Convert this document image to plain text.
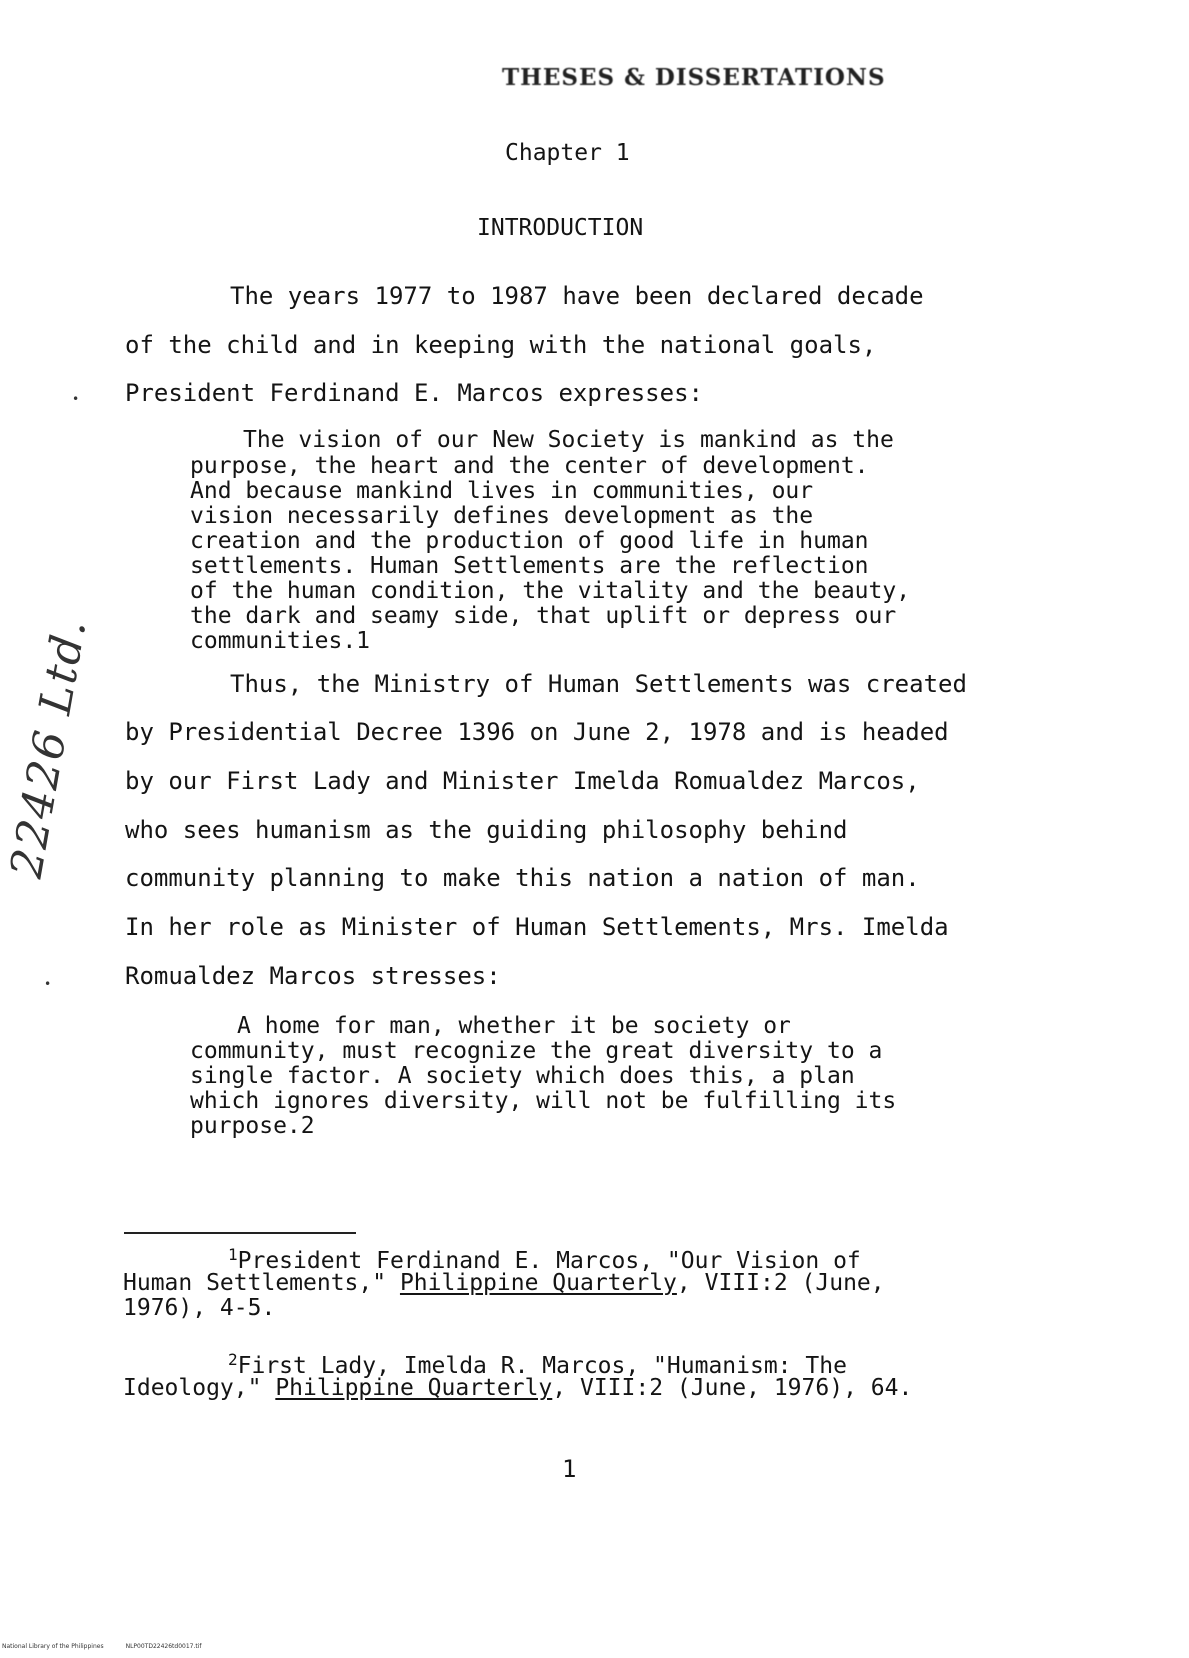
THESES & DISSERTATIONS
Chapter 1
INTRODUCTION
The years 1977 to 1987 have been declared decade
of the child and in keeping with the national goals,
President Ferdinand E. Marcos expresses:
The vision of our New Society is mankind as the
purpose, the heart and the center of development.
And because mankind lives in communities, our
vision necessarily defines development as the
creation and the production of good life in human
settlements. Human Settlements are the reflection
of the human condition, the vitality and the beauty,
the dark and seamy side, that uplift or depress our
communities.1
Thus, the Ministry of Human Settlements was created
by Presidential Decree 1396 on June 2, 1978 and is headed
by our First Lady and Minister Imelda Romualdez Marcos,
who sees humanism as the guiding philosophy behind
community planning to make this nation a nation of man.
In her role as Minister of Human Settlements, Mrs. Imelda
Romualdez Marcos stresses:
A home for man, whether it be society or
community, must recognize the great diversity to a
single factor. A society which does this, a plan
which ignores diversity, will not be fulfilling its
purpose.2
$^1$President Ferdinand E. Marcos, "Our Vision of
Human Settlements," Philippine Quarterly, VIII:2 (June,
1976), 4-5.
$^2$First Lady, Imelda R. Marcos, "Humanism: The
Ideology," Philippine Quarterly, VIII:2 (June, 1976), 64.
1
22426 Ltd.
•
•
National Library of the Philippines	NLP00TD22426td0017.tif
